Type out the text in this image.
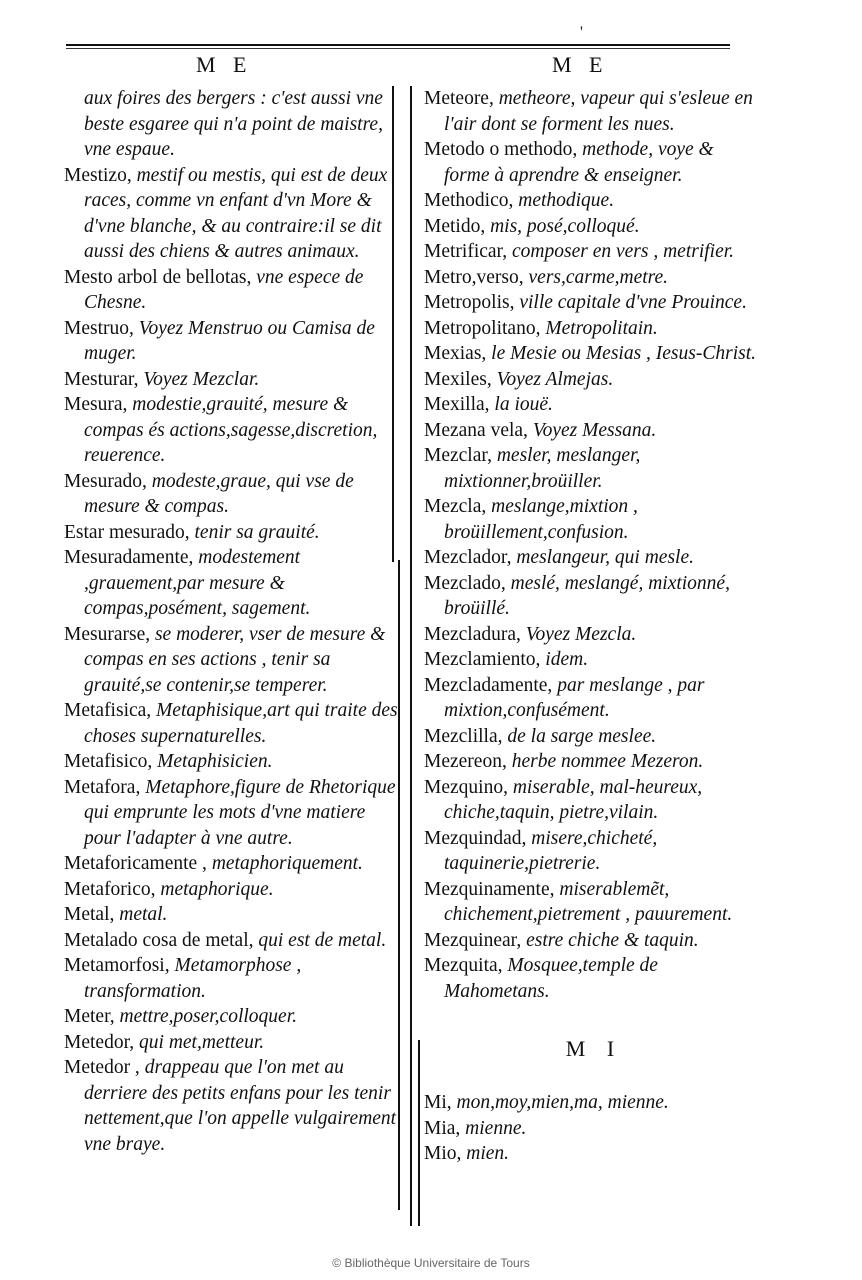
'
M E	M E
aux foires des bergers : c'est aussi vne beste esgaree qui n'a point de maistre, vne espaue.
Mestizo, mestif ou mestis, qui est de deux races, comme vn enfant d'vn More & d'vne blanche, & au contraire:il se dit aussi des chiens & autres animaux.
Mesto arbol de bellotas, vne espece de Chesne.
Mestruo, Voyez Menstruo ou Camisa de muger.
Mesturar, Voyez Mezclar.
Mesura, modestie,grauité, mesure & compas és actions,sagesse,discretion, reuerence.
Mesurado, modeste,graue, qui vse de mesure & compas.
Estar mesurado, tenir sa grauité.
Mesuradamente, modestement ,grauement,par mesure & compas,posément, sagement.
Mesurarse, se moderer, vser de mesure & compas en ses actions , tenir sa grauité,se contenir,se temperer.
Metafisica, Metaphisique,art qui traite des choses supernaturelles.
Metafisico, Metaphisicien.
Metafora, Metaphore,figure de Rhetorique qui emprunte les mots d'vne matiere pour l'adapter à vne autre.
Metaforicamente , metaphoriquement.
Metaforico, metaphorique.
Metal, metal.
Metalado cosa de metal, qui est de metal.
Metamorfosi, Metamorphose , transformation.
Meter, mettre,poser,colloquer.
Metedor, qui met,metteur.
Metedor , drappeau que l'on met au derriere des petits enfans pour les tenir nettement,que l'on appelle vulgairement vne braye.
Meteore, metheore, vapeur qui s'esleue en l'air dont se forment les nues.
Metodo o methodo, methode, voye & forme à aprendre & enseigner.
Methodico, methodique.
Metido, mis, posé,colloqué.
Metrificar, composer en vers , metrifier.
Metro,verso, vers,carme,metre.
Metropolis, ville capitale d'vne Prouince.
Metropolitano, Metropolitain.
Mexias, le Mesie ou Mesias , Iesus-Christ.
Mexiles, Voyez Almejas.
Mexilla, la iouë.
Mezana vela, Voyez Messana.
Mezclar, mesler, meslanger, mixtionner,broüiller.
Mezcla, meslange,mixtion , broüillement,confusion.
Mezclador, meslangeur, qui mesle.
Mezclado, meslé, meslangé, mixtionné, broüillé.
Mezcladura, Voyez Mezcla.
Mezclamiento, idem.
Mezcladamente, par meslange , par mixtion,confusément.
Mezclilla, de la sarge meslee.
Mezereon, herbe nommee Mezeron.
Mezquino, miserable, mal-heureux, chiche,taquin, pietre,vilain.
Mezquindad, misere,chicheté, taquinerie,pietrerie.
Mezquinamente, miserablemẽt, chichement,pietrement , pauurement.
Mezquinear, estre chiche & taquin.
Mezquita, Mosquee,temple de Mahometans.
M I
Mi, mon,moy,mien,ma, mienne.
Mia, mienne.
Mio, mien.
© Bibliothèque Universitaire de Tours
